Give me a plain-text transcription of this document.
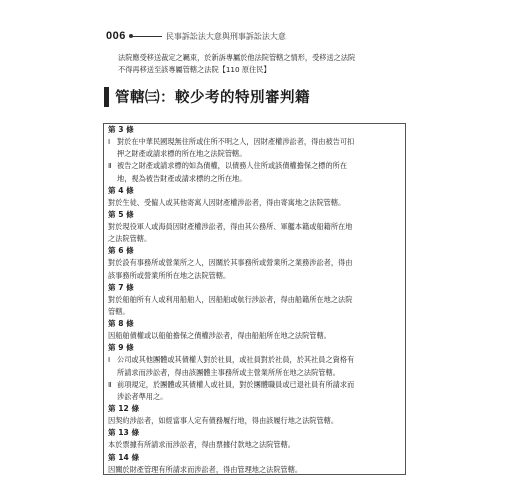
006	民事訴訟法大意與刑事訴訟法大意

法院應受移送裁定之羈束，於新訴專屬於他法院管轄之情形，受移送之法院

不得再移送至該專屬管轄之法院【110 原住民】

管轄㈢：較少考的特別審判籍

第 3 條

Ⅰ 對於在中華民國現無住所或住所不明之人，因財產權涉訟者，得由被告可扣

押之財產或請求標的所在地之法院管轄。

Ⅱ 被告之財產或請求標的如為債權，以債務人住所或該債權擔保之標的所在

地，視為被告財產或請求標的之所在地。

第 4 條

對於生徒、受僱人或其他寄寓人因財產權涉訟者，得由寄寓地之法院管轄。

第 5 條

對於現役軍人或海員因財產權涉訟者，得由其公務所、軍艦本籍或船籍所在地

之法院管轄。

第 6 條

對於設有事務所或營業所之人，因關於其事務所或營業所之業務涉訟者，得由

該事務所或營業所所在地之法院管轄。

第 7 條

對於船舶所有人或利用船舶人，因船舶或航行涉訟者，得由船籍所在地之法院

管轄。

第 8 條

因船舶債權或以船舶擔保之債權涉訟者，得由船舶所在地之法院管轄。

第 9 條

Ⅰ 公司或其他團體或其債權人對於社員，或社員對於社員，於其社員之資格有

所請求而涉訟者，得由該團體主事務所或主營業所所在地之法院管轄。

Ⅱ 前項規定，於團體或其債權人或社員，對於團體職員或已退社員有所請求而

涉訟者準用之。

第 12 條

因契約涉訟者，如經當事人定有債務履行地，得由該履行地之法院管轄。

第 13 條

本於票據有所請求而涉訟者，得由票據付款地之法院管轄。

第 14 條

因關於財產管理有所請求而涉訟者，得由管理地之法院管轄。
